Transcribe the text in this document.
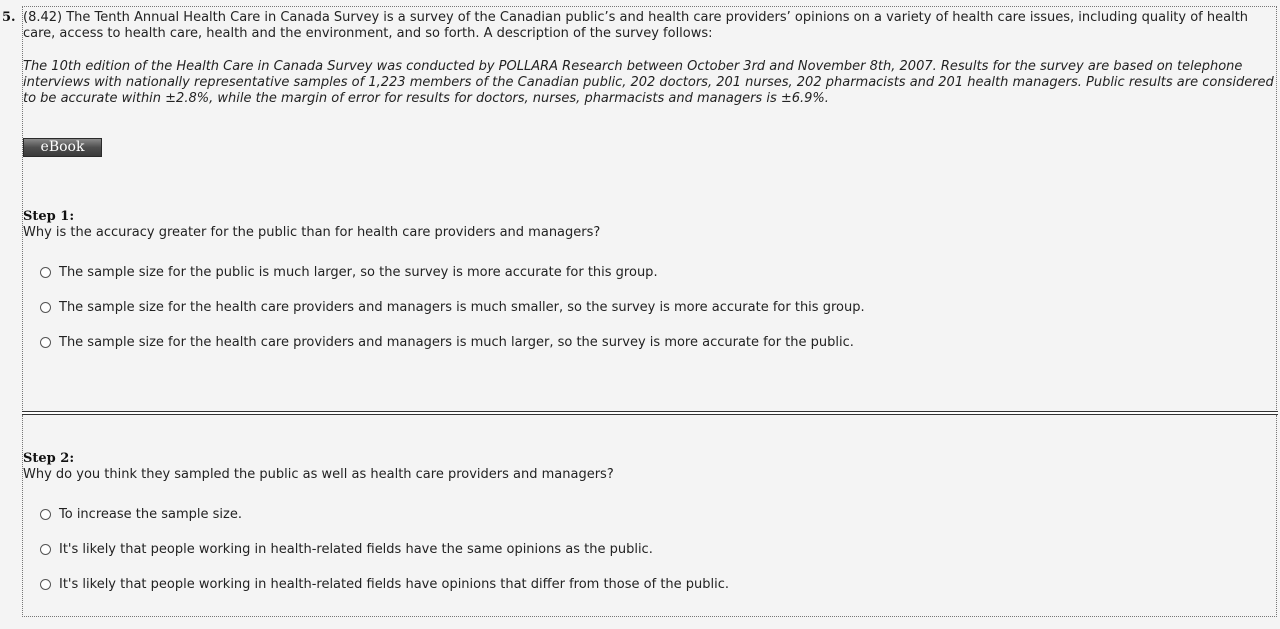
5. (8.42) The Tenth Annual Health Care in Canada Survey is a survey of the Canadian public’s and health care providers’ opinions on a variety of health care issues, including quality of health care, access to health care, health and the environment, and so forth. A description of the survey follows:
The 10th edition of the Health Care in Canada Survey was conducted by POLLARA Research between October 3rd and November 8th, 2007. Results for the survey are based on telephone interviews with nationally representative samples of 1,223 members of the Canadian public, 202 doctors, 201 nurses, 202 pharmacists and 201 health managers. Public results are considered to be accurate within ±2.8%, while the margin of error for results for doctors, nurses, pharmacists and managers is ±6.9%.
eBook
Step 1:
Why is the accuracy greater for the public than for health care providers and managers?
The sample size for the public is much larger, so the survey is more accurate for this group.
The sample size for the health care providers and managers is much smaller, so the survey is more accurate for this group.
The sample size for the health care providers and managers is much larger, so the survey is more accurate for the public.
Step 2:
Why do you think they sampled the public as well as health care providers and managers?
To increase the sample size.
It's likely that people working in health-related fields have the same opinions as the public.
It's likely that people working in health-related fields have opinions that differ from those of the public.
